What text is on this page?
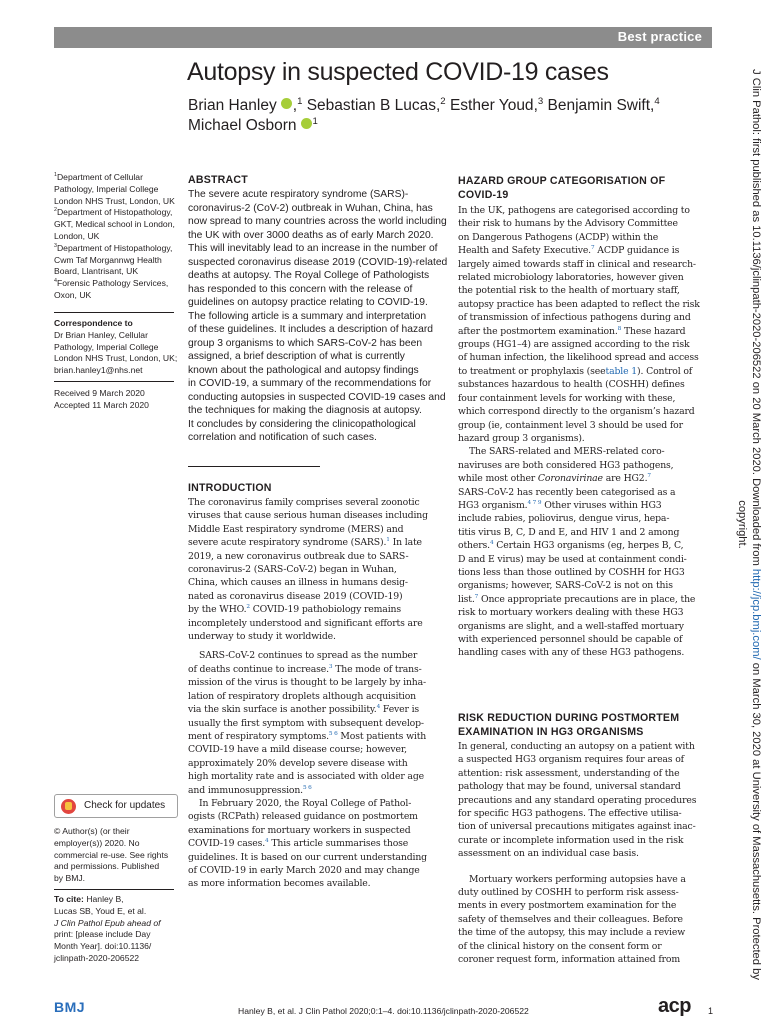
Best practice
Autopsy in suspected COVID-19 cases
Brian Hanley ,$^1$ Sebastian B Lucas,$^2$ Esther Youd,$^3$ Benjamin Swift,$^4$
Michael Osborn $^1$
$^1$Department of Cellular
Pathology, Imperial College
London NHS Trust, London, UK
$^2$Department of Histopathology,
GKT, Medical school in London,
London, UK
$^3$Department of Histopathology,
Cwm Taf Morgannwg Health
Board, Llantrisant, UK
$^4$Forensic Pathology Services,
Oxon, UK
Correspondence to
Dr Brian Hanley, Cellular
Pathology, Imperial College
London NHS Trust, London, UK;
brian.hanley1@nhs.net
Received 9 March 2020
Accepted 11 March 2020
Check for updates
© Author(s) (or their
employer(s)) 2020. No
commercial re-use. See rights
and permissions. Published
by BMJ.
To cite: Hanley B,
Lucas SB, Youd E, et al.
J Clin Pathol Epub ahead of
print: [please include Day
Month Year]. doi:10.1136/
jclinpath-2020-206522
ABSTRACT
The severe acute respiratory syndrome (SARS)-
coronavirus-2 (CoV-2) outbreak in Wuhan, China, has
now spread to many countries across the world including
the UK with over 3000 deaths as of early March 2020.
This will inevitably lead to an increase in the number of
suspected coronavirus disease 2019 (COVID-19)-related
deaths at autopsy. The Royal College of Pathologists
has responded to this concern with the release of
guidelines on autopsy practice relating to COVID-19.
The following article is a summary and interpretation
of these guidelines. It includes a description of hazard
group 3 organisms to which SARS-CoV-2 has been
assigned, a brief description of what is currently
known about the pathological and autopsy findings
in COVID-19, a summary of the recommendations for
conducting autopsies in suspected COVID-19 cases and
the techniques for making the diagnosis at autopsy.
It concludes by considering the clinicopathological
correlation and notification of such cases.
INTRODUCTION
The coronavirus family comprises several zoonotic
viruses that cause serious human diseases including
Middle East respiratory syndrome (MERS) and
severe acute respiratory syndrome (SARS).$^1$ In late
2019, a new coronavirus outbreak due to SARS-
coronavirus-2 (SARS-CoV-2) began in Wuhan,
China, which causes an illness in humans desig-
nated as coronavirus disease 2019 (COVID-19)
by the WHO.$^2$ COVID-19 pathobiology remains
incompletely understood and significant efforts are
underway to study it worldwide.
SARS-CoV-2 continues to spread as the number
of deaths continue to increase.$^3$ The mode of trans-
mission of the virus is thought to be largely by inha-
lation of respiratory droplets although acquisition
via the skin surface is another possibility.$^4$ Fever is
usually the first symptom with subsequent develop-
ment of respiratory symptoms.$^{5 6}$ Most patients with
COVID-19 have a mild disease course; however,
approximately 20% develop severe disease with
high mortality rate and is associated with older age
and immunosuppression.$^{5 6}$
In February 2020, the Royal College of Pathol-
ogists (RCPath) released guidance on postmortem
examinations for mortuary workers in suspected
COVID-19 cases.$^4$ This article summarises those
guidelines. It is based on our current understanding
of COVID-19 in early March 2020 and may change
as more information becomes available.
HAZARD GROUP CATEGORISATION OF
COVID-19
In the UK, pathogens are categorised according to
their risk to humans by the Advisory Committee
on Dangerous Pathogens (ACDP) within the
Health and Safety Executive.$^7$ ACDP guidance is
largely aimed towards staff in clinical and research-
related microbiology laboratories, however given
the potential risk to the health of mortuary staff,
autopsy practice has been adapted to reflect the risk
of transmission of infectious pathogens during and
after the postmortem examination.$^8$ These hazard
groups (HG1–4) are assigned according to the risk
of human infection, the likelihood spread and access
to treatment or prophylaxis (seetable 1). Control of
substances hazardous to health (COSHH) defines
four containment levels for working with these,
which correspond directly to the organism’s hazard
group (ie, containment level 3 should be used for
hazard group 3 organisms).
The SARS-related and MERS-related coro-
naviruses are both considered HG3 pathogens,
while most other Coronavirinae are HG2.$^7$
SARS-CoV-2 has recently been categorised as a
HG3 organism.$^{4 7 9}$ Other viruses within HG3
include rabies, poliovirus, dengue virus, hepa-
titis virus B, C, D and E, and HIV 1 and 2 among
others.$^4$ Certain HG3 organisms (eg, herpes B, C,
D and E virus) may be used at containment condi-
tions less than those outlined by COSHH for HG3
organisms; however, SARS-CoV-2 is not on this
list.$^7$ Once appropriate precautions are in place, the
risk to mortuary workers dealing with these HG3
organisms are slight, and a well-staffed mortuary
with experienced personnel should be capable of
handling cases with any of these HG3 pathogens.
RISK REDUCTION DURING POSTMORTEM
EXAMINATION IN HG3 ORGANISMS
In general, conducting an autopsy on a patient with
a suspected HG3 organism requires four areas of
attention: risk assessment, understanding of the
pathology that may be found, universal standard
precautions and any standard operating procedures
for specific HG3 pathogens. The effective utilisa-
tion of universal precautions mitigates against inac-
curate or incomplete information used in the risk
assessment on an individual case basis.
Mortuary workers performing autopsies have a
duty outlined by COSHH to perform risk assess-
ments in every postmortem examination for the
safety of themselves and their colleagues. Before
the time of the autopsy, this may include a review
of the clinical history on the consent form or
coroner request form, information attained from
BMJ	Hanley B, et al. J Clin Pathol 2020;0:1–4. doi:10.1136/jclinpath-2020-206522	acp 1
J Clin Pathol: first published as 10.1136/jclinpath-2020-206522 on 20 March 2020. Downloaded from http://jcp.bmj.com/ on March 30, 2020 at University of Massachusetts. Protected by
copyright.
